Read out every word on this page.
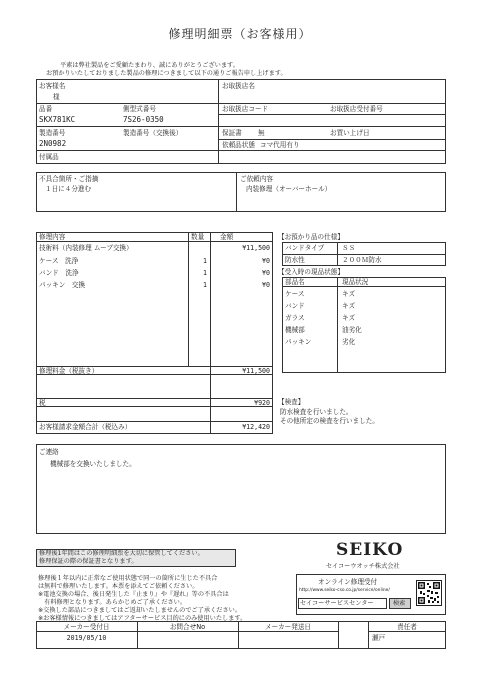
修理明細票（お客様用）
平素は弊社製品をご愛顧たまわり、誠にありがとうございます。
お預かりいたしておりました製品の修理につきまして以下の通りご報告申し上げます。
お客様名
様
お取扱店名
品番	側型式番号
SKX781KC	7S26-0350
お取扱店コード	お取扱店受付番号
製造番号	製造番号（交換後）
2N0982
保証書 無	お買い上げ日
依頼品状態 コマ代用有り
付属品
不具合箇所・ご指摘
１日に４分進む
ご依頼内容
内装修理（オーバーホール）
修理内容	数量 金額
技術料（内装修理 ムーブ交換）	¥11,500
ケース　洗浄	1	¥0
バンド　洗浄	1	¥0
パッキン　交換	1	¥0
修理料金（税抜き）	¥11,500
税	¥920
お客様請求金額合計（税込み）	¥12,420
【お預かり品の仕様】
バンドタイプ	ＳＳ
防水性	２００Ｍ防水
【受入時の現品状態】
部品名	現品状況
ケース	キズ
バンド	キズ
ガラス	キズ
機械部	油劣化
パッキン	劣化
【検査】
防水検査を行いました。
その他所定の検査を行いました。
ご連絡
機械部を交換いたしました。
修理後1年間はこの修理明細票を大切に保管してください。
修理保証の際の保証書となります。
修理後１年以内に正常なご使用状態で同一の箇所に生じた不具合
は無料で修理いたします。本票を添えてご依頼ください。
※電池交換の場合、後日発生した『止まり』や『遅れ』等の不具合は
　有料修理となります。あらかじめご了承ください。
※交換した部品につきましてはご返却いたしませんのでご了承ください。
※お客様情報につきましてはアフターサービス目的にのみ使用いたします。
SEIKO
セイコーウオッチ株式会社
オンライン修理受付
http://www.seiko-cso.co.jp/service/online/
セイコーサービスセンター	検索
メーカー受付日	お問合せNo	メーカー発送日	責任者
2019/05/10	瀬戸
